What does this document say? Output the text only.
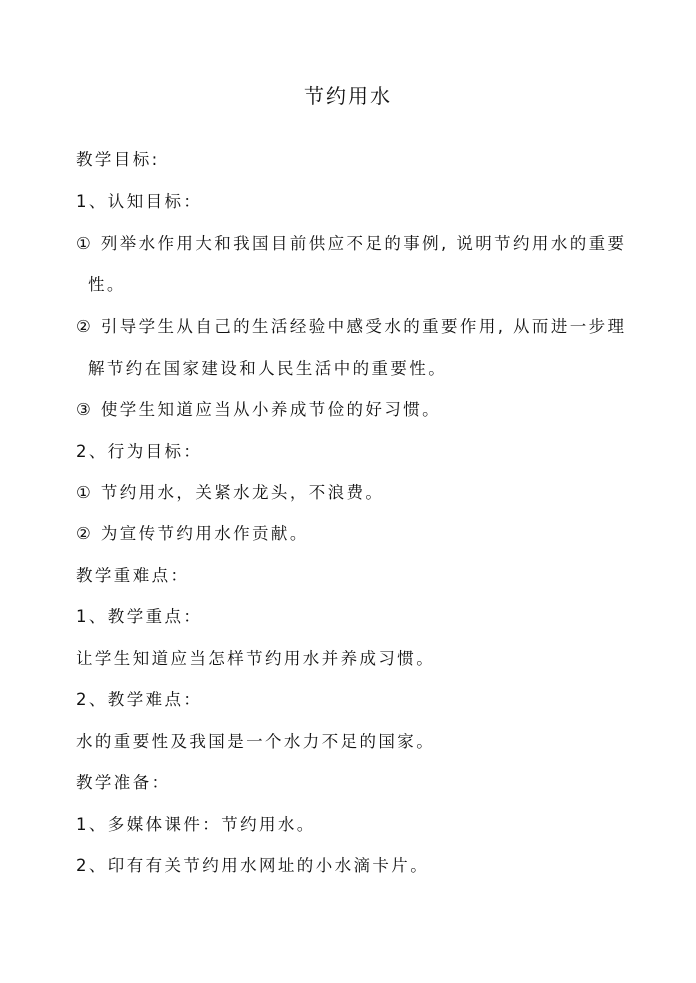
节约用水
教学目标:
1、认知目标：
① 列举水作用大和我国目前供应不足的事例, 说明节约用水的重要
性。
② 引导学生从自己的生活经验中感受水的重要作用, 从而进一步理
解节约在国家建设和人民生活中的重要性。
③ 使学生知道应当从小养成节俭的好习惯。
2、行为目标：
① 节约用水，关紧水龙头，不浪费。
② 为宣传节约用水作贡献。
教学重难点：
1、教学重点：
让学生知道应当怎样节约用水并养成习惯。
2、教学难点：
水的重要性及我国是一个水力不足的国家。
教学准备：
1、多媒体课件：节约用水。
2、印有有关节约用水网址的小水滴卡片。
